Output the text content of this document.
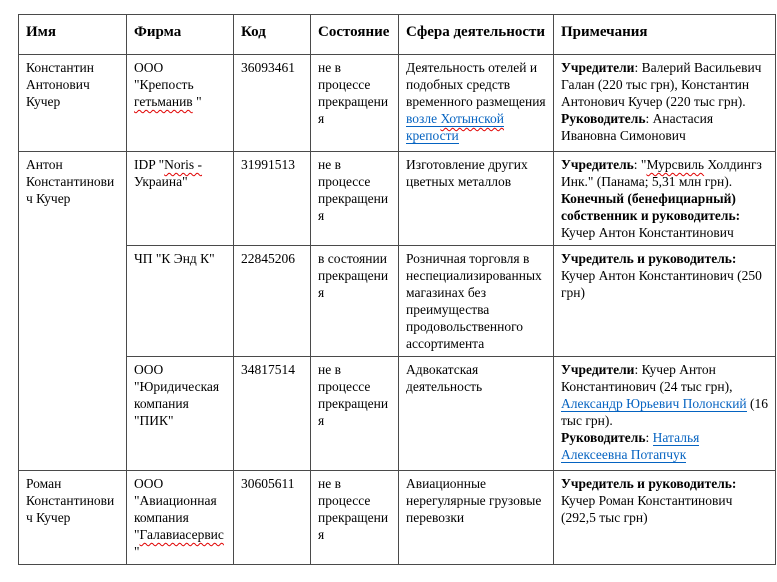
Имя	Фирма	Код	Состояние	Сфера деятельности	Примечания
Константин Антонович Кучер	ООО "Крепость гетьманив "	36093461	не в процессе прекращения	Деятельность отелей и подобных средств временного размещения возле Хотынской крепости	Учредители: Валерий Васильевич Галан (220 тыс грн), Константин Антонович Кучер (220 тыс грн).
Руководитель: Анастасия Ивановна Симонович
Антон Константинович Кучер	IDP "Noris - Украина"	31991513	не в процессе прекращения	Изготовление других цветных металлов	Учредитель: "Мурсвиль Холдингз Инк." (Панама; 5,31 млн грн).
Конечный (бенефициарный) собственник и руководитель:
Кучер Антон Константинович
	ЧП "К Энд К"	22845206	в состоянии прекращения	Розничная торговля в неспециализированных магазинах без преимущества продовольственного ассортимента	Учредитель и руководитель:
Кучер Антон Константинович (250 грн)
	ООО "Юридическая компания "ПИК"	34817514	не в процессе прекращения	Адвокатская деятельность	Учредители: Кучер Антон Константинович (24 тыс грн), Александр Юрьевич Полонский (16 тыс грн).
Руководитель: Наталья Алексеевна Потапчук
Роман Константинович Кучер	ООО "Авиационная компания "Галавиасервис"	30605611	не в процессе прекращения	Авиационные нерегулярные грузовые перевозки	Учредитель и руководитель:
Кучер Роман Константинович (292,5 тыс грн)
